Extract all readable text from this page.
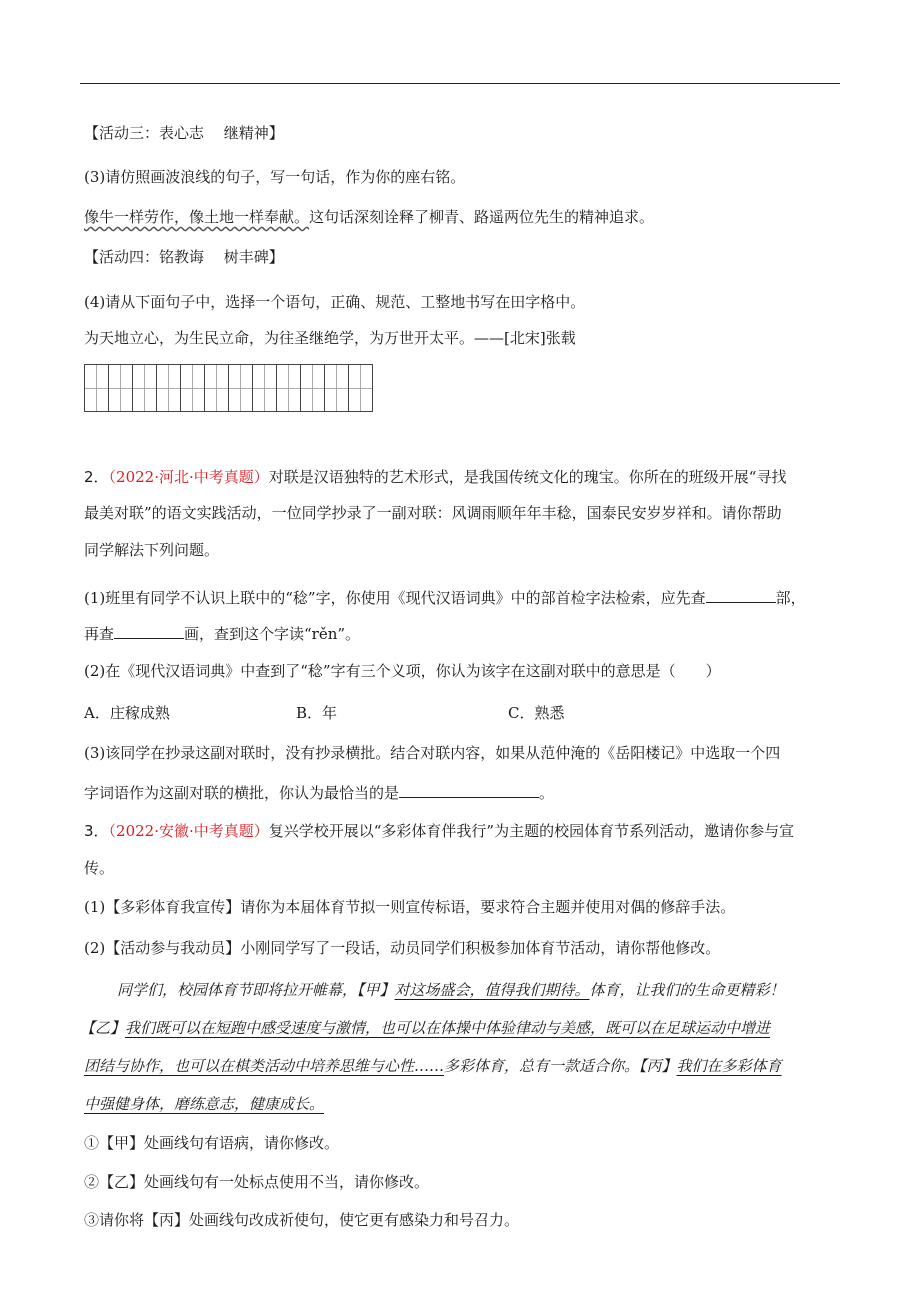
【活动三：表心志　 继精神】
(3)请仿照画波浪线的句子，写一句话，作为你的座右铭。
像牛一样劳作，像土地一样奉献。这句话深刻诠释了柳青、路遥两位先生的精神追求。
【活动四：铭教诲　 树丰碑】
(4)请从下面句子中，选择一个语句，正确、规范、工整地书写在田字格中。
为天地立心，为生民立命，为往圣继绝学，为万世开太平。——[北宋]张载
2．（2022·河北·中考真题）对联是汉语独特的艺术形式，是我国传统文化的瑰宝。你所在的班级开展“寻找
最美对联”的语文实践活动，一位同学抄录了一副对联：风调雨顺年年丰稔，国泰民安岁岁祥和。请你帮助
同学解法下列问题。
(1)班里有同学不认识上联中的“稔”字，你使用《现代汉语词典》中的部首检字法检索，应先查	部，
再查	画，查到这个字读“rěn”。
(2)在《现代汉语词典》中查到了“稔”字有三个义项，你认为该字在这副对联中的意思是（　　）
A．庄稼成熟	B．年	C．熟悉
(3)该同学在抄录这副对联时，没有抄录横批。结合对联内容，如果从范仲淹的《岳阳楼记》中选取一个四
字词语作为这副对联的横批，你认为最恰当的是	。
3．（2022·安徽·中考真题）复兴学校开展以“多彩体育伴我行”为主题的校园体育节系列活动，邀请你参与宣
传。
(1)【多彩体育我宣传】请你为本届体育节拟一则宣传标语，要求符合主题并使用对偶的修辞手法。
(2)【活动参与我动员】小刚同学写了一段话，动员同学们积极参加体育节活动，请你帮他修改。
同学们，校园体育节即将拉开帷幕，【甲】对这场盛会，值得我们期待。体育，让我们的生命更精彩！
【乙】我们既可以在短跑中感受速度与激情，也可以在体操中体验律动与美感，既可以在足球运动中增进
团结与协作，也可以在棋类活动中培养思维与心性……多彩体育，总有一款适合你。【丙】我们在多彩体育
中强健身体，磨练意志，健康成长。
①【甲】处画线句有语病，请你修改。
②【乙】处画线句有一处标点使用不当，请你修改。
③请你将【丙】处画线句改成祈使句，使它更有感染力和号召力。
